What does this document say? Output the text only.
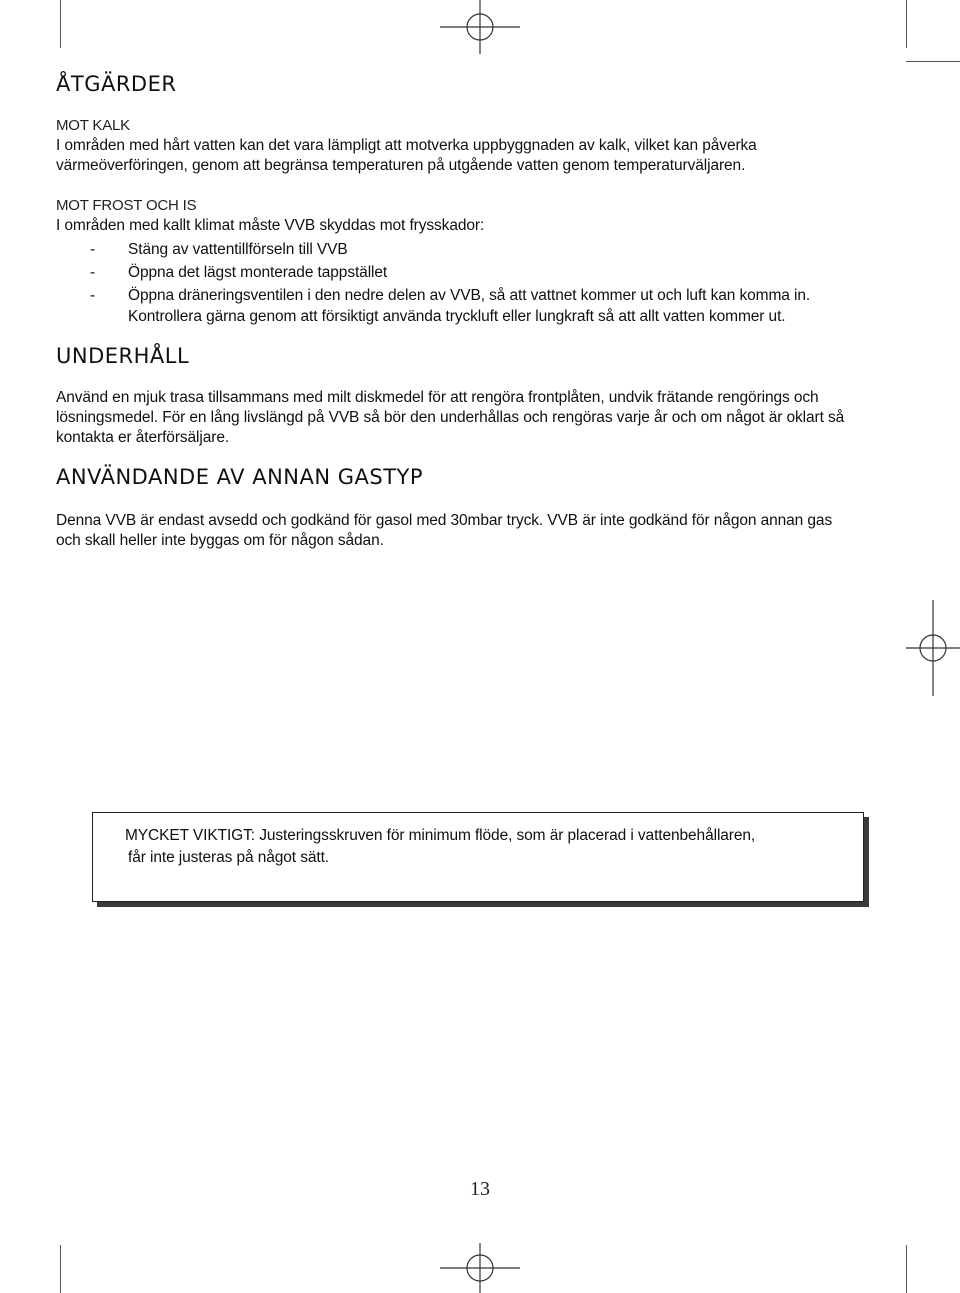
ÅTGÄRDER
MOT KALK
I områden med hårt vatten kan det vara lämpligt att motverka uppbyggnaden av kalk, vilket kan påverka
värmeöverföringen, genom att begränsa temperaturen på utgående vatten genom temperaturväljaren.
MOT FROST OCH IS
I områden med kallt klimat måste VVB skyddas mot frysskador:
- Stäng av vattentillförseln till VVB
- Öppna det lägst monterade tappstället
- Öppna dräneringsventilen i den nedre delen av VVB, så att vattnet kommer ut och luft kan komma in.
Kontrollera gärna genom att försiktigt använda tryckluft eller lungkraft så att allt vatten kommer ut.
UNDERHÅLL
Använd en mjuk trasa tillsammans med milt diskmedel för att rengöra frontplåten, undvik frätande rengörings och
lösningsmedel. För en lång livslängd på VVB så bör den underhållas och rengöras varje år och om något är oklart så
kontakta er återförsäljare.
ANVÄNDANDE AV ANNAN GASTYP
Denna VVB är endast avsedd och godkänd för gasol med 30mbar tryck. VVB är inte godkänd för någon annan gas
och skall heller inte byggas om för någon sådan.
MYCKET VIKTIGT: Justeringsskruven för minimum flöde, som är placerad i vattenbehållaren,
får inte justeras på något sätt.
13
